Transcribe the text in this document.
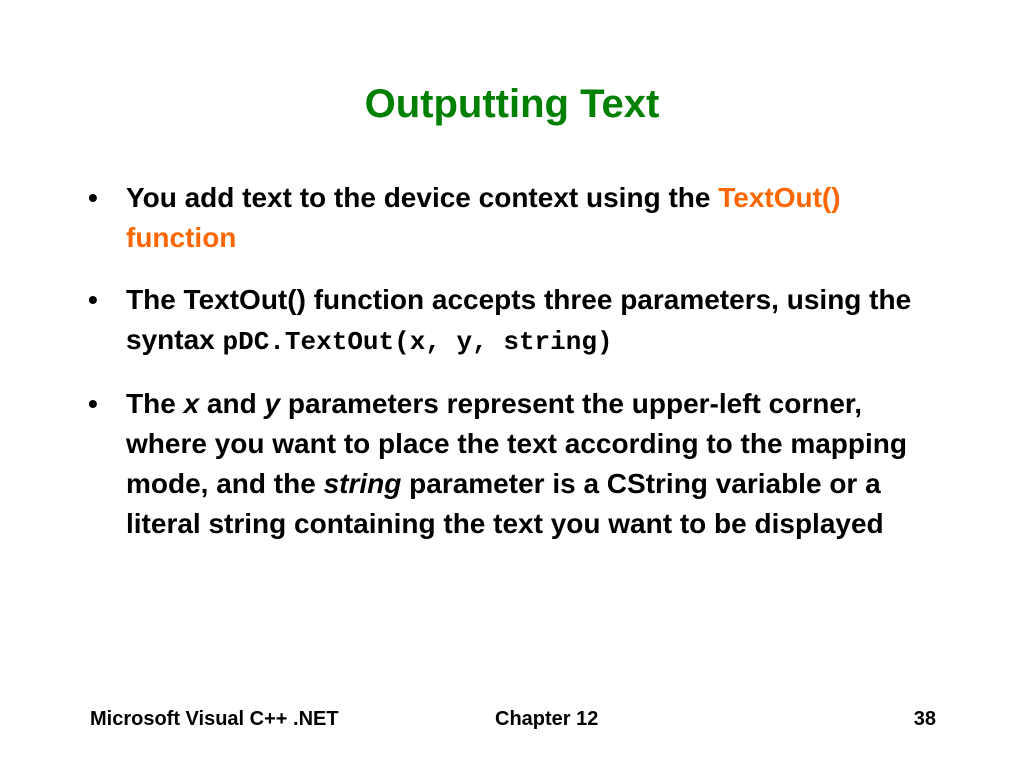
Outputting Text
•	You add text to the device context using the TextOut() function
•	The TextOut() function accepts three parameters, using the syntax pDC.TextOut(x, y, string)
•	The x and y parameters represent the upper-left corner, where you want to place the text according to the mapping mode, and the string parameter is a CString variable or a literal string containing the text you want to be displayed
Microsoft Visual C++ .NET	Chapter 12	38
